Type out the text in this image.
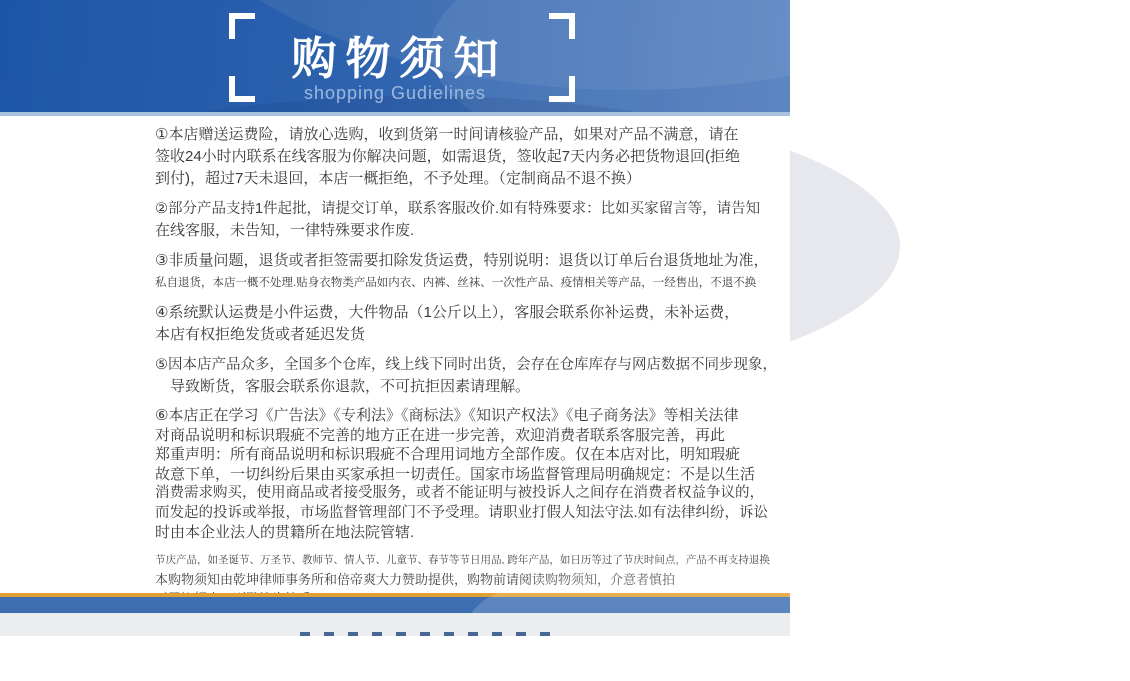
购物须知
shopping Gudielines
①本店赠送运费险，请放心选购，收到货第一时间请核验产品，如果对产品不满意，请在
签收24小时内联系在线客服为你解决问题，如需退货，签收起7天内务必把货物退回(拒绝
到付)，超过7天未退回，本店一概拒绝，不予处理。（定制商品不退不换）
②部分产品支持1件起批，请提交订单，联系客服改价.如有特殊要求：比如买家留言等，请告知
在线客服，未告知，一律特殊要求作废.
③非质量问题，退货或者拒签需要扣除发货运费，特别说明：退货以订单后台退货地址为准，
私自退货，本店一概不处理.贴身衣物类产品如内衣、内裤、丝袜、一次性产品、疫情相关等产品，一经售出，不退不换
④系统默认运费是小件运费，大件物品（1公斤以上），客服会联系你补运费，未补运费，
本店有权拒绝发货或者延迟发货
⑤因本店产品众多，全国多个仓库，线上线下同时出货，会存在仓库库存与网店数据不同步现象，
　导致断货，客服会联系你退款，不可抗拒因素请理解。
⑥本店正在学习《广告法》《专利法》《商标法》《知识产权法》《电子商务法》等相关法律
对商品说明和标识瑕疵不完善的地方正在进一步完善，欢迎消费者联系客服完善，再此
郑重声明：所有商品说明和标识瑕疵不合理用词地方全部作废。仅在本店对比，明知瑕疵
故意下单，一切纠纷后果由买家承担一切责任。国家市场监督管理局明确规定：不是以生活
消费需求购买，使用商品或者接受服务，或者不能证明与被投诉人之间存在消费者权益争议的，
而发起的投诉或举报，市场监督管理部门不予受理。请职业打假人知法守法.如有法律纠纷，诉讼
时由本企业法人的贯籍所在地法院管辖.
节庆产品，如圣诞节、万圣节、教师节、情人节、儿童节、春节等节日用品, 跨年产品，如日历等过了节庆时间点，产品不再支持退换
本购物须知由乾坤律师事务所和倍帝爽大力赞助提供，购物前请阅读购物须知，介意者慎拍
